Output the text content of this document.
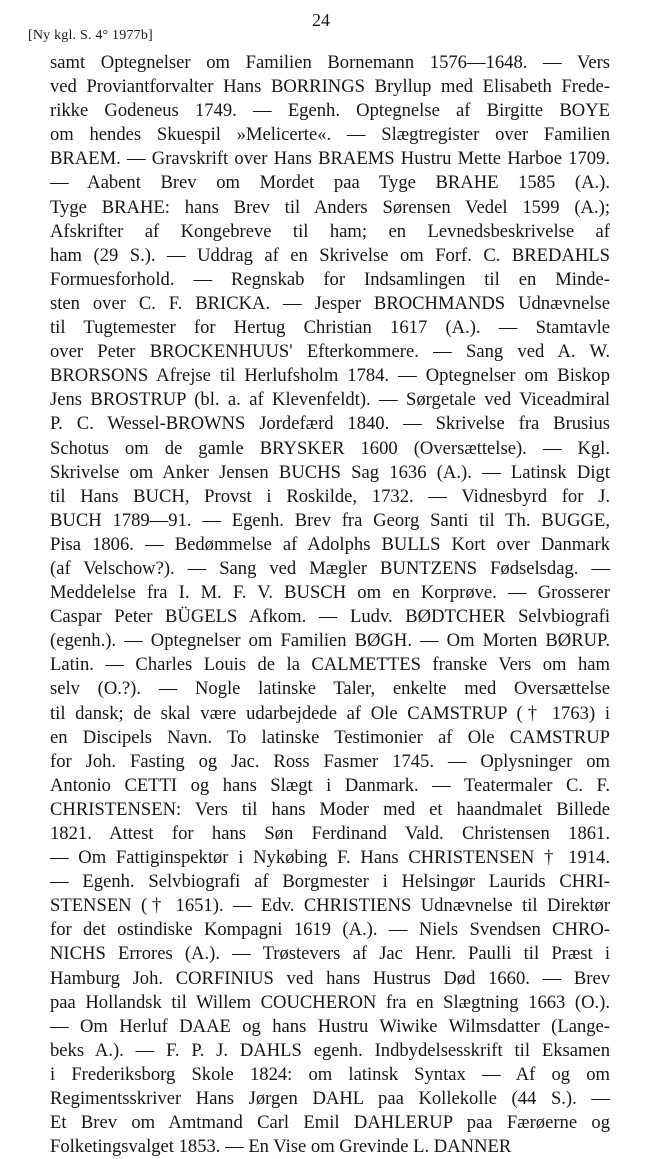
[Ny kgl. S. 4° 1977b]
24
samt Optegnelser om Familien Bornemann 1576—1648. — Vers
ved Proviantforvalter Hans BORRINGS Bryllup med Elisabeth Frede-
rikke Godeneus 1749. — Egenh. Optegnelse af Birgitte BOYE
om hendes Skuespil »Melicerte«. — Slægtregister over Familien
BRAEM. — Gravskrift over Hans BRAEMS Hustru Mette Harboe 1709.
— Aabent Brev om Mordet paa Tyge BRAHE 1585 (A.).
Tyge BRAHE: hans Brev til Anders Sørensen Vedel 1599 (A.);
Afskrifter af Kongebreve til ham; en Levnedsbeskrivelse af
ham (29 S.). — Uddrag af en Skrivelse om Forf. C. BREDAHLS
Formuesforhold. — Regnskab for Indsamlingen til en Minde-
sten over C. F. BRICKA. — Jesper BROCHMANDS Udnævnelse
til Tugtemester for Hertug Christian 1617 (A.). — Stamtavle
over Peter BROCKENHUUS' Efterkommere. — Sang ved A. W.
BRORSONS Afrejse til Herlufsholm 1784. — Optegnelser om Biskop
Jens BROSTRUP (bl. a. af Klevenfeldt). — Sørgetale ved Viceadmiral
P. C. Wessel-BROWNS Jordefærd 1840. — Skrivelse fra Brusius
Schotus om de gamle BRYSKER 1600 (Oversættelse). — Kgl.
Skrivelse om Anker Jensen BUCHS Sag 1636 (A.). — Latinsk Digt
til Hans BUCH, Provst i Roskilde, 1732. — Vidnesbyrd for J.
BUCH 1789—91. — Egenh. Brev fra Georg Santi til Th. BUGGE,
Pisa 1806. — Bedømmelse af Adolphs BULLS Kort over Danmark
(af Velschow?). — Sang ved Mægler BUNTZENS Fødselsdag. —
Meddelelse fra I. M. F. V. BUSCH om en Korprøve. — Grosserer
Caspar Peter BÜGELS Afkom. — Ludv. BØDTCHER Selvbiografi
(egenh.). — Optegnelser om Familien BØGH. — Om Morten BØRUP.
Latin. — Charles Louis de la CALMETTES franske Vers om ham
selv (O.?). — Nogle latinske Taler, enkelte med Oversættelse
til dansk; de skal være udarbejdede af Ole CAMSTRUP († 1763) i
en Discipels Navn. To latinske Testimonier af Ole CAMSTRUP
for Joh. Fasting og Jac. Ross Fasmer 1745. — Oplysninger om
Antonio CETTI og hans Slægt i Danmark. — Teatermaler C. F.
CHRISTENSEN: Vers til hans Moder med et haandmalet Billede
1821. Attest for hans Søn Ferdinand Vald. Christensen 1861.
— Om Fattiginspektør i Nykøbing F. Hans CHRISTENSEN † 1914.
— Egenh. Selvbiografi af Borgmester i Helsingør Laurids CHRI-
STENSEN († 1651). — Edv. CHRISTIENS Udnævnelse til Direktør
for det ostindiske Kompagni 1619 (A.). — Niels Svendsen CHRO-
NICHS Errores (A.). — Trøstevers af Jac Henr. Paulli til Præst i
Hamburg Joh. CORFINIUS ved hans Hustrus Død 1660. — Brev
paa Hollandsk til Willem COUCHERON fra en Slægtning 1663 (O.).
— Om Herluf DAAE og hans Hustru Wiwike Wilmsdatter (Lange-
beks A.). — F. P. J. DAHLS egenh. Indbydelsesskrift til Eksamen
i Frederiksborg Skole 1824: om latinsk Syntax — Af og om
Regimentsskriver Hans Jørgen DAHL paa Kollekolle (44 S.). —
Et Brev om Amtmand Carl Emil DAHLERUP paa Færøerne og
Folketingsvalget 1853. — En Vise om Grevinde L. DANNER
